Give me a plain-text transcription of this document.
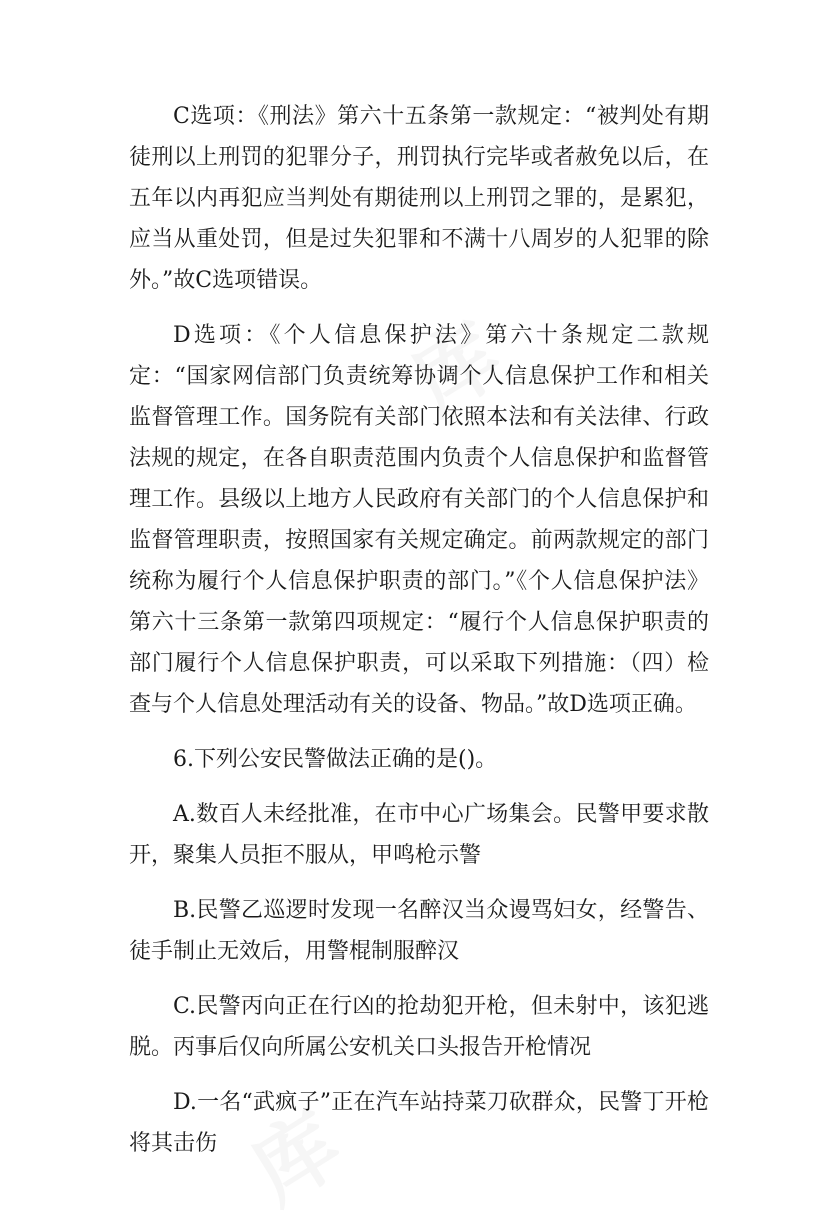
C选项：《刑法》第六十五条第一款规定：“被判处有期徒刑以上刑罚的犯罪分子，刑罚执行完毕或者赦免以后，在五年以内再犯应当判处有期徒刑以上刑罚之罪的，是累犯，应当从重处罚，但是过失犯罪和不满十八周岁的人犯罪的除外。”故C选项错误。

D选项：《个人信息保护法》第六十条规定二款规定：“国家网信部门负责统筹协调个人信息保护工作和相关监督管理工作。国务院有关部门依照本法和有关法律、行政法规的规定，在各自职责范围内负责个人信息保护和监督管理工作。县级以上地方人民政府有关部门的个人信息保护和监督管理职责，按照国家有关规定确定。前两款规定的部门统称为履行个人信息保护职责的部门。”《个人信息保护法》第六十三条第一款第四项规定：“履行个人信息保护职责的部门履行个人信息保护职责，可以采取下列措施：（四）检查与个人信息处理活动有关的设备、物品。”故D选项正确。

6.下列公安民警做法正确的是()。

A.数百人未经批准，在市中心广场集会。民警甲要求散开，聚集人员拒不服从，甲鸣枪示警

B.民警乙巡逻时发现一名醉汉当众谩骂妇女，经警告、徒手制止无效后，用警棍制服醉汉

C.民警丙向正在行凶的抢劫犯开枪，但未射中，该犯逃脱。丙事后仅向所属公安机关口头报告开枪情况

D.一名“武疯子”正在汽车站持菜刀砍群众，民警丁开枪将其击伤
